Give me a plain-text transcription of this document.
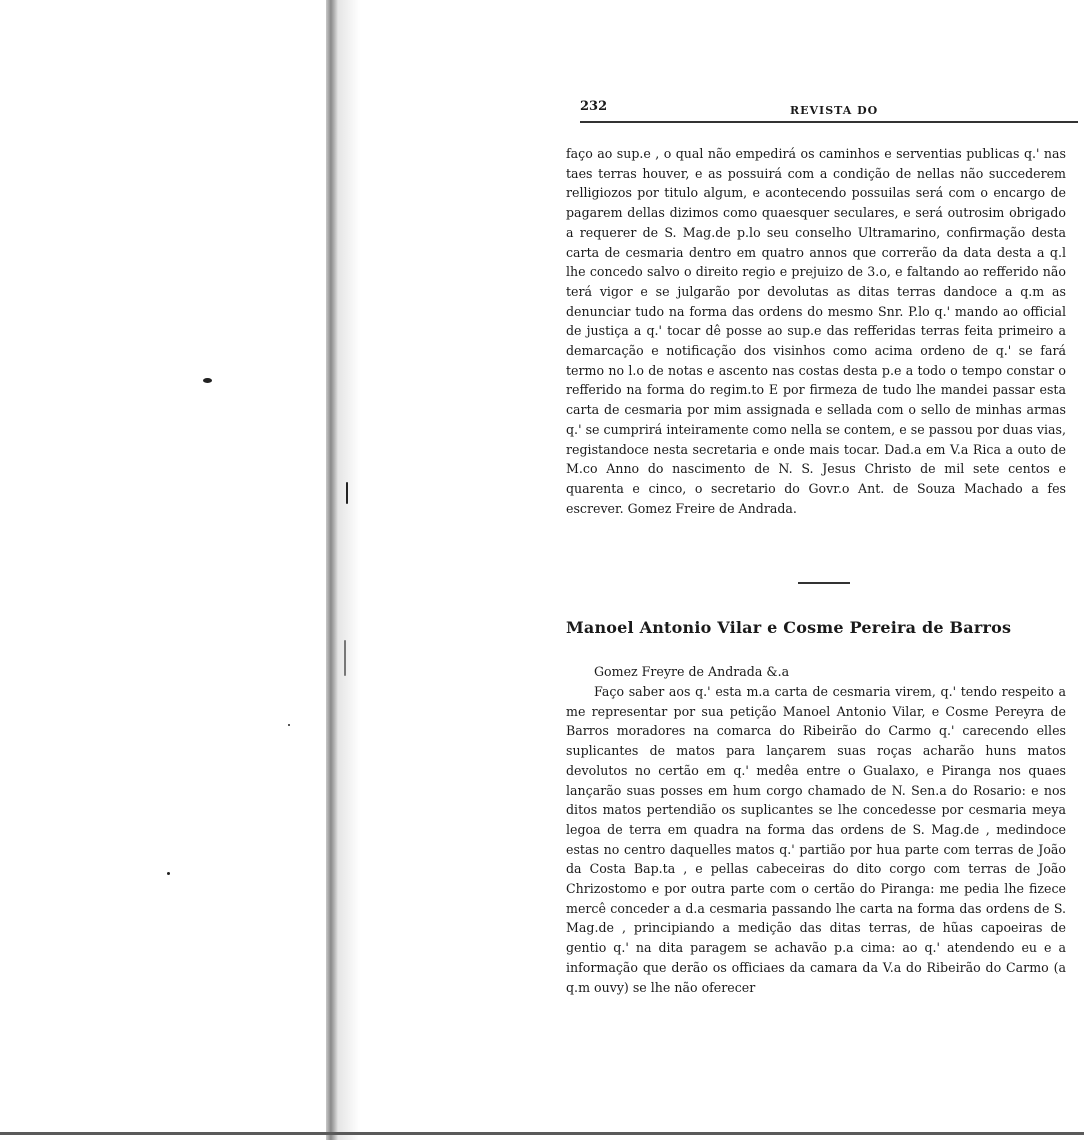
232	REVISTA DO

faço ao sup.e , o qual não empedirá os caminhos e serventias publicas q.' nas taes terras houver, e as possuirá com a condição de nellas não succederem relligiozos por titulo algum, e acontecendo possuilas será com o encargo de pagarem dellas dizimos como quaesquer seculares, e será outrosim obrigado a requerer de S. Mag.de p.lo seu conselho Ultramarino, confirmação desta carta de cesmaria dentro em quatro annos que correrão da data desta a q.l lhe concedo salvo o direito regio e prejuizo de 3.o, e faltando ao refferido não terá vigor e se julgarão por devolutas as ditas terras dandoce a q.m as denunciar tudo na forma das ordens do mesmo Snr. P.lo q.' mando ao official de justiça a q.' tocar dê posse ao sup.e das refferidas terras feita primeiro a demarcação e notificação dos visinhos como acima ordeno de q.' se fará termo no l.o de notas e ascento nas costas desta p.e a todo o tempo constar o refferido na forma do regim.to E por firmeza de tudo lhe mandei passar esta carta de cesmaria por mim assignada e sellada com o sello de minhas armas q.' se cumprirá inteiramente como nella se contem, e se passou por duas vias, registandoce nesta secretaria e onde mais tocar. Dad.a em V.a Rica a outo de M.co Anno do nascimento de N. S. Jesus Christo de mil sete centos e quarenta e cinco, o secretario do Govr.o Ant. de Souza Machado a fes escrever. Gomez Freire de Andrada.

Manoel Antonio Vilar e Cosme Pereira de Barros
Gomez Freyre de Andrada &.a

Faço saber aos q.' esta m.a carta de cesmaria virem, q.' tendo respeito a me representar por sua petição Manoel Antonio Vilar, e Cosme Pereyra de Barros moradores na comarca do Ribeirão do Carmo q.' carecendo elles suplicantes de matos para lançarem suas roças acharão huns matos devolutos no certão em q.' medêa entre o Gualaxo, e Piranga nos quaes lançarão suas posses em hum corgo chamado de N. Sen.a do Rosario: e nos ditos matos pertendião os suplicantes se lhe concedesse por cesmaria meya legoa de terra em quadra na forma das ordens de S. Mag.de , medindoce estas no centro daquelles matos q.' partião por hua parte com terras de João da Costa Bap.ta , e pellas cabeceiras do dito corgo com terras de João Chrizostomo e por outra parte com o certão do Piranga: me pedia lhe fizece mercê conceder a d.a cesmaria passando lhe carta na forma das ordens de S. Mag.de , principiando a medição das ditas terras, de hũas capoeiras de gentio q.' na dita paragem se achavão p.a cima: ao q.' atendendo eu e a informação que derão os officiaes da camara da V.a do Ribeirão do Carmo (a q.m ouvy) se lhe não oferecer
